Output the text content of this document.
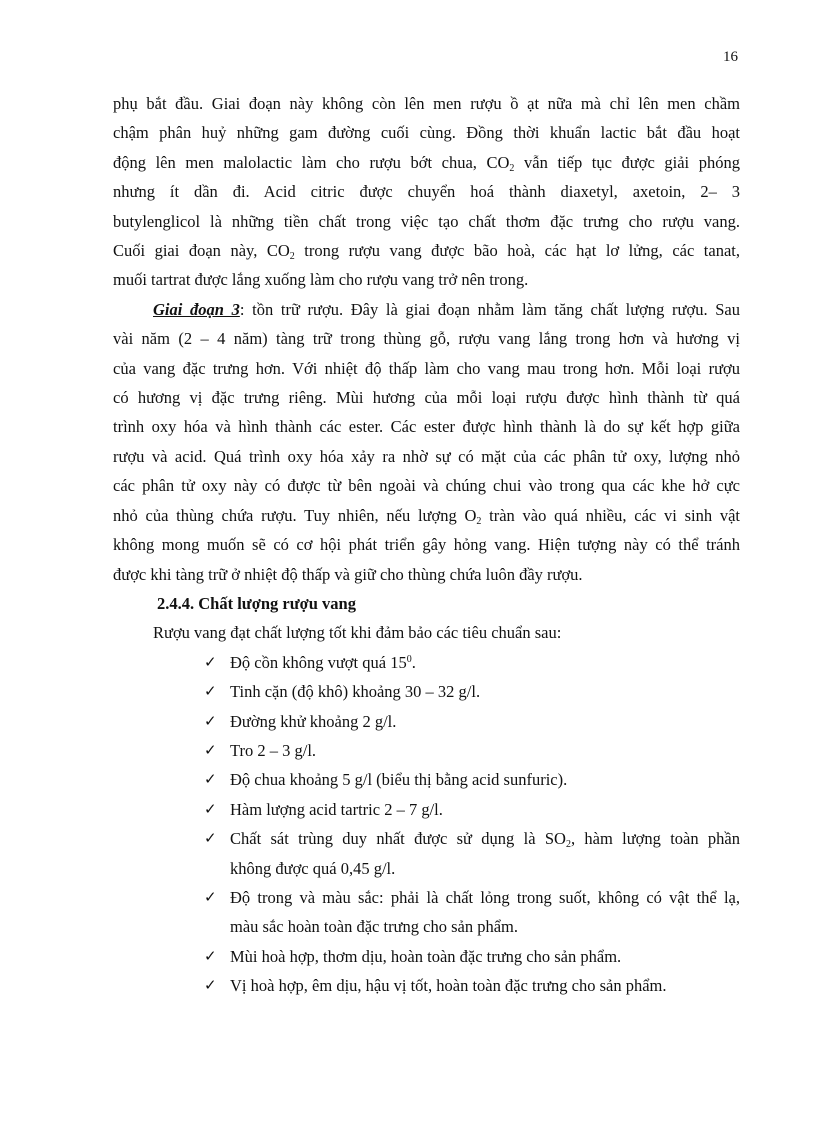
16
phụ bắt đầu. Giai đoạn này không còn lên men rượu ồ ạt nữa mà chỉ lên men chầm
chậm phân huỷ những gam đường cuối cùng. Đồng thời khuẩn lactic bắt đầu hoạt
động lên men malolactic làm cho rượu bớt chua, $CO_2$ vẫn tiếp tục được giải phóng
nhưng ít dần đi. Acid citric được chuyển hoá thành diaxetyl, axetoin, 2– 3
butylenglicol là những tiền chất trong việc tạo chất thơm đặc trưng cho rượu vang.
Cuối giai đoạn này, $CO_2$ trong rượu vang được bão hoà, các hạt lơ lửng, các tanat,
muối tartrat được lắng xuống làm cho rượu vang trở nên trong.
Giai đoạn 3: tồn trữ rượu. Đây là giai đoạn nhằm làm tăng chất lượng rượu. Sau
vài năm (2 – 4 năm) tàng trữ trong thùng gỗ, rượu vang lắng trong hơn và hương vị
của vang đặc trưng hơn. Với nhiệt độ thấp làm cho vang mau trong hơn. Mỗi loại rượu
có hương vị đặc trưng riêng. Mùi hương của mỗi loại rượu được hình thành từ quá
trình oxy hóa và hình thành các ester. Các ester được hình thành là do sự kết hợp giữa
rượu và acid. Quá trình oxy hóa xảy ra nhờ sự có mặt của các phân tử oxy, lượng nhỏ
các phân tử oxy này có được từ bên ngoài và chúng chui vào trong qua các khe hở cực
nhỏ của thùng chứa rượu. Tuy nhiên, nếu lượng $O_2$ tràn vào quá nhiều, các vi sinh vật
không mong muốn sẽ có cơ hội phát triển gây hỏng vang. Hiện tượng này có thể tránh
được khi tàng trữ ở nhiệt độ thấp và giữ cho thùng chứa luôn đầy rượu.
2.4.4. Chất lượng rượu vang
Rượu vang đạt chất lượng tốt khi đảm bảo các tiêu chuẩn sau:
✓ Độ cồn không vượt quá $15^0$.
✓ Tinh cặn (độ khô) khoảng 30 – 32 g/l.
✓ Đường khử khoảng 2 g/l.
✓ Tro 2 – 3 g/l.
✓ Độ chua khoảng 5 g/l (biểu thị bằng acid sunfuric).
✓ Hàm lượng acid tartric 2 – 7 g/l.
✓ Chất sát trùng duy nhất được sử dụng là $SO_2$, hàm lượng toàn phần
không được quá 0,45 g/l.
✓ Độ trong và màu sắc: phải là chất lỏng trong suốt, không có vật thể lạ,
màu sắc hoàn toàn đặc trưng cho sản phẩm.
✓ Mùi hoà hợp, thơm dịu, hoàn toàn đặc trưng cho sản phẩm.
✓ Vị hoà hợp, êm dịu, hậu vị tốt, hoàn toàn đặc trưng cho sản phẩm.
